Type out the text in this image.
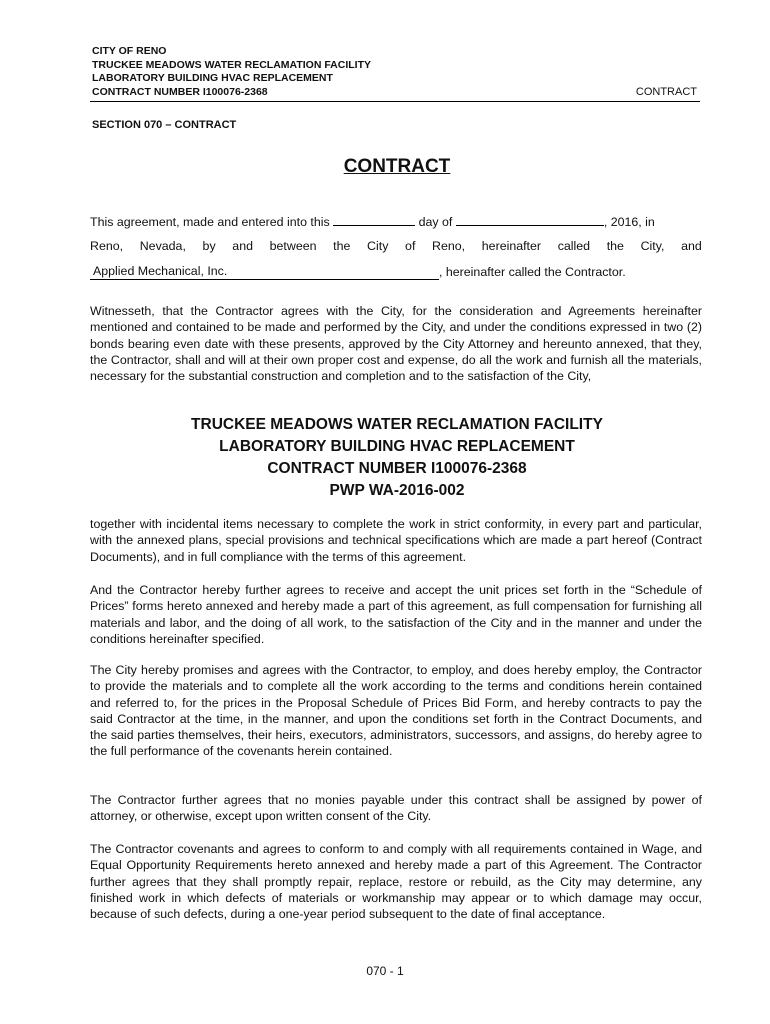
CITY OF RENO
TRUCKEE MEADOWS WATER RECLAMATION FACILITY
LABORATORY BUILDING HVAC REPLACEMENT
CONTRACT NUMBER I100076-2368	CONTRACT
SECTION 070 – CONTRACT
CONTRACT
This agreement, made and entered into this	day of	, 2016, in
Reno, Nevada, by and between the City of Reno, hereinafter called the City, and
Applied Mechanical, Inc.	, hereinafter called the Contractor.

Witnesseth, that the Contractor agrees with the City, for the consideration and Agreements hereinafter mentioned and contained to be made and performed by the City, and under the conditions expressed in two (2) bonds bearing even date with these presents, approved by the City Attorney and hereunto annexed, that they, the Contractor, shall and will at their own proper cost and expense, do all the work and furnish all the materials, necessary for the substantial construction and completion and to the satisfaction of the City,

TRUCKEE MEADOWS WATER RECLAMATION FACILITY
LABORATORY BUILDING HVAC REPLACEMENT
CONTRACT NUMBER I100076-2368
PWP WA-2016-002

together with incidental items necessary to complete the work in strict conformity, in every part and particular, with the annexed plans, special provisions and technical specifications which are made a part hereof (Contract Documents), and in full compliance with the terms of this agreement.

And the Contractor hereby further agrees to receive and accept the unit prices set forth in the “Schedule of Prices” forms hereto annexed and hereby made a part of this agreement, as full compensation for furnishing all materials and labor, and the doing of all work, to the satisfaction of the City and in the manner and under the conditions hereinafter specified.

The City hereby promises and agrees with the Contractor, to employ, and does hereby employ, the Contractor to provide the materials and to complete all the work according to the terms and conditions herein contained and referred to, for the prices in the Proposal Schedule of Prices Bid Form, and hereby contracts to pay the said Contractor at the time, in the manner, and upon the conditions set forth in the Contract Documents, and the said parties themselves, their heirs, executors, administrators, successors, and assigns, do hereby agree to the full performance of the covenants herein contained.

The Contractor further agrees that no monies payable under this contract shall be assigned by power of attorney, or otherwise, except upon written consent of the City.

The Contractor covenants and agrees to conform to and comply with all requirements contained in Wage, and Equal Opportunity Requirements hereto annexed and hereby made a part of this Agreement. The Contractor further agrees that they shall promptly repair, replace, restore or rebuild, as the City may determine, any finished work in which defects of materials or workmanship may appear or to which damage may occur, because of such defects, during a one-year period subsequent to the date of final acceptance.

070 - 1
